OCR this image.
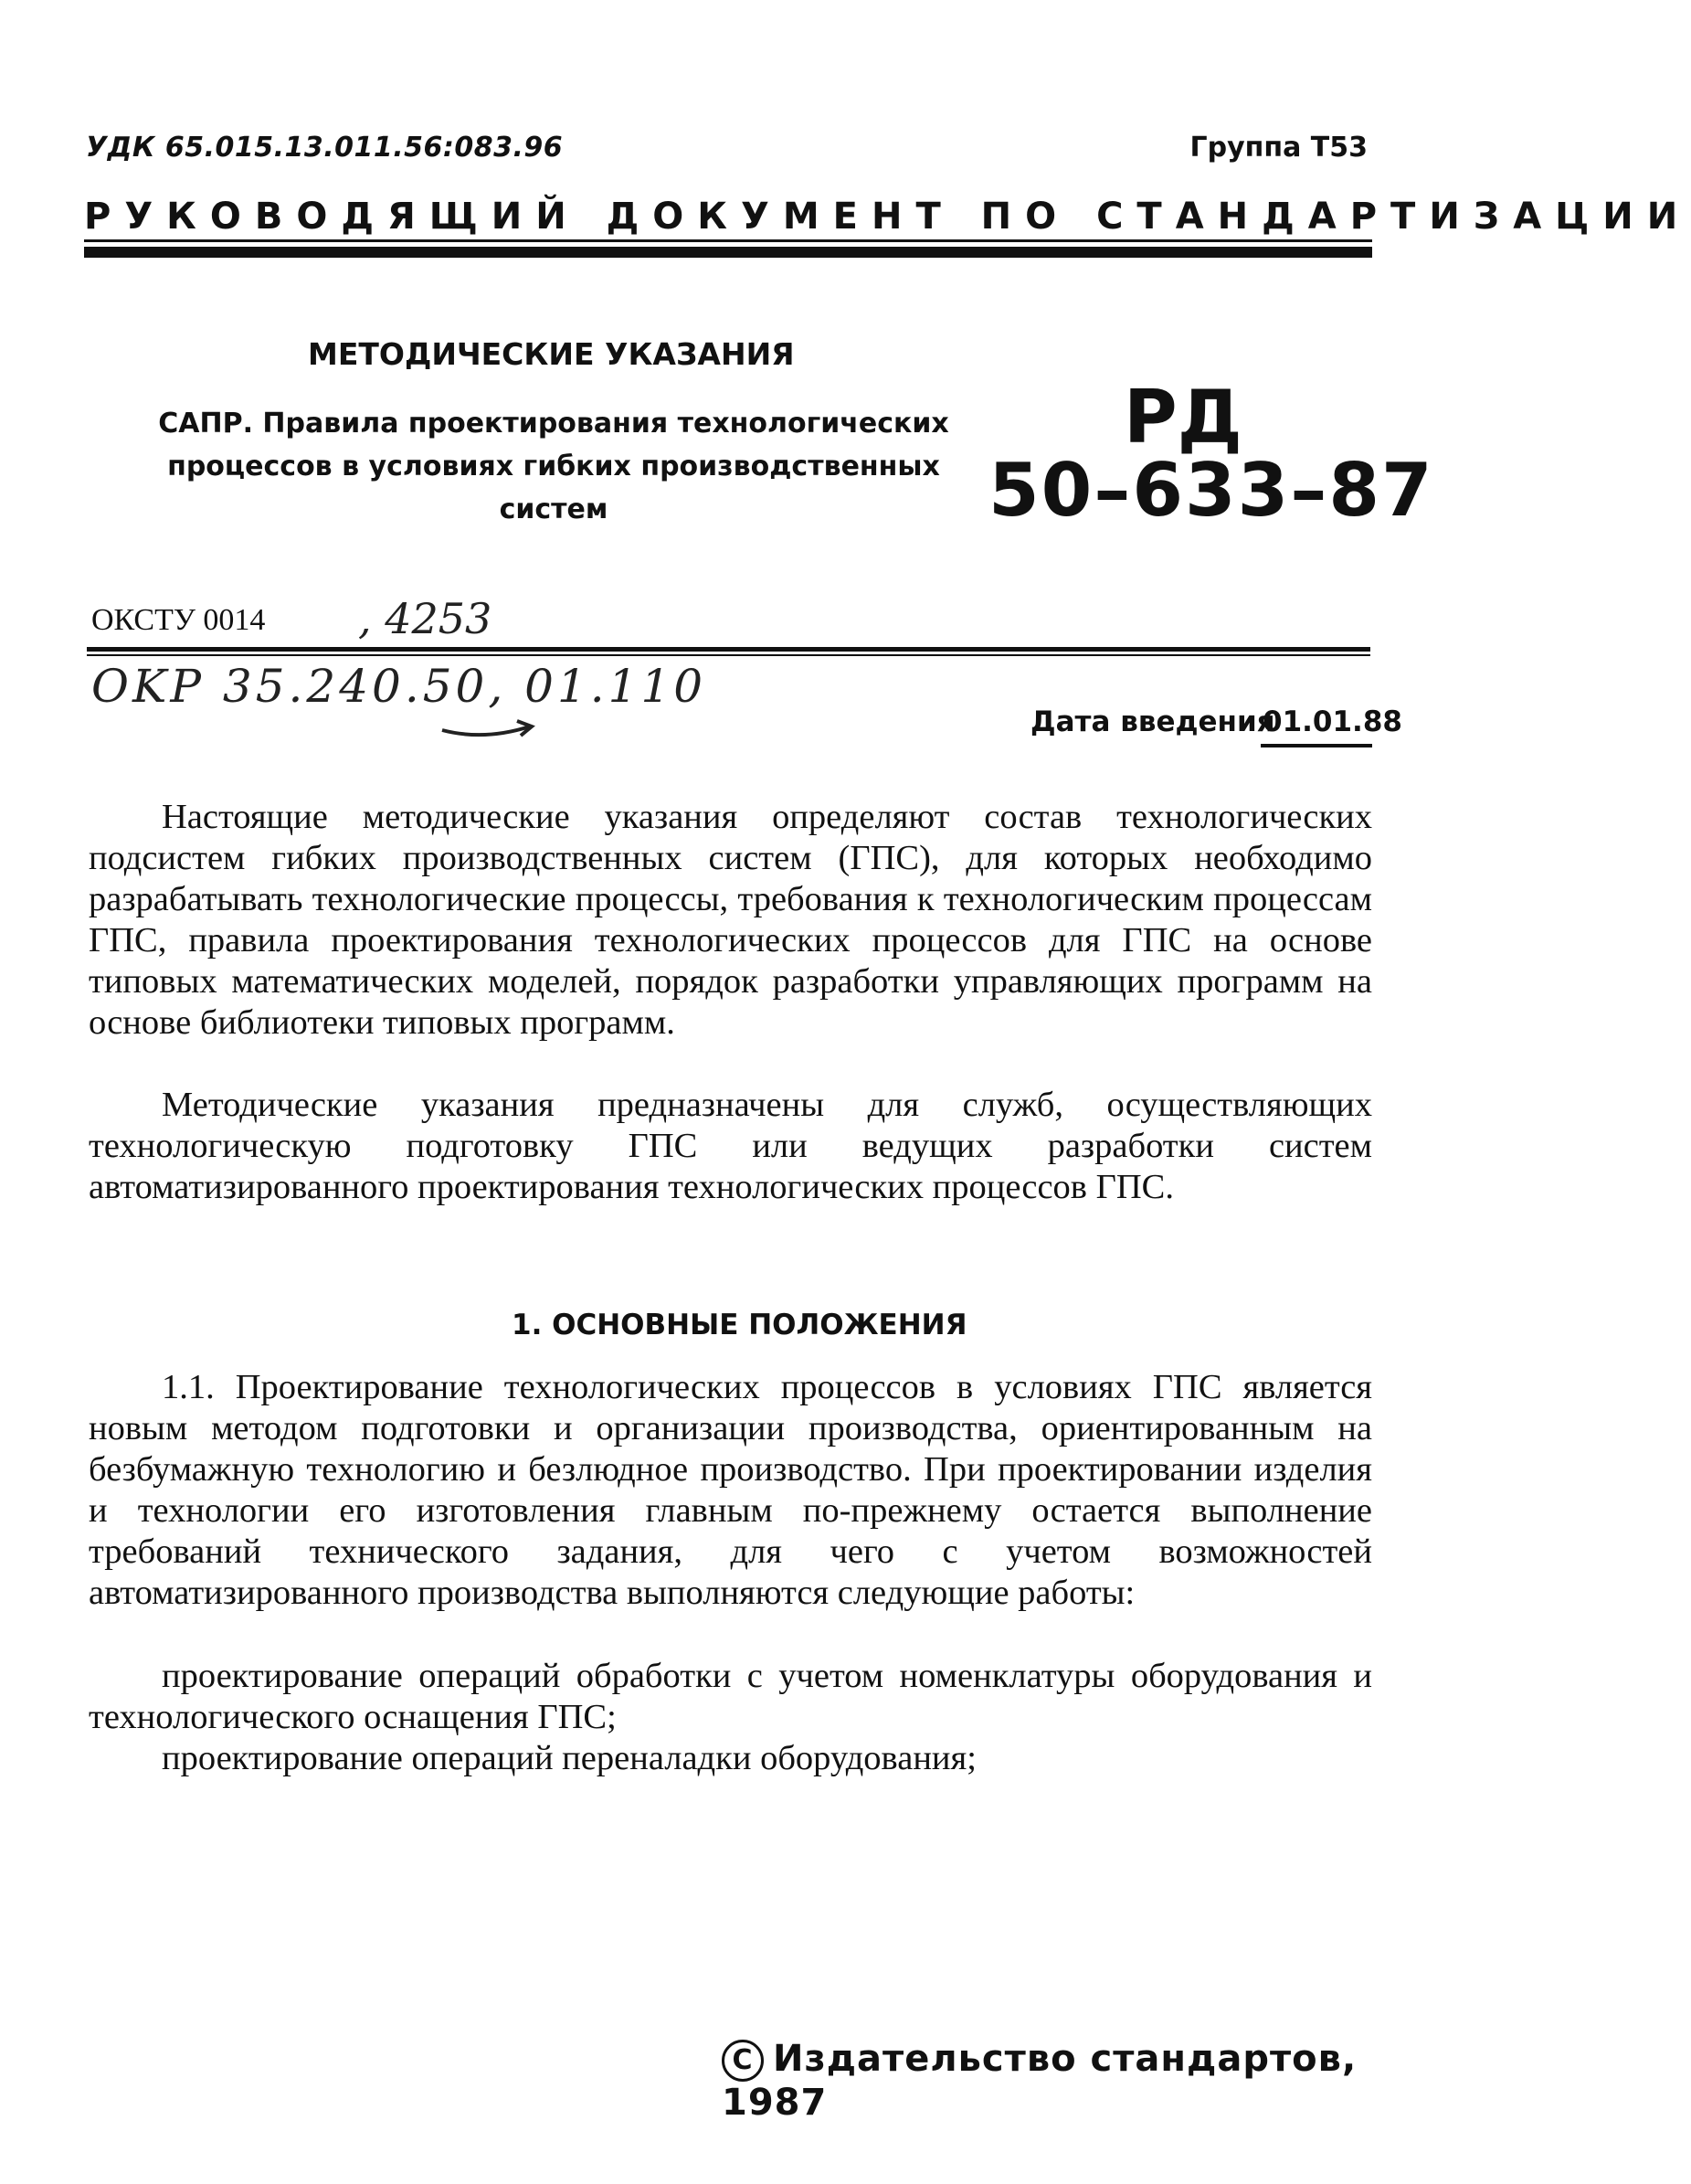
УДК 65.015.13.011.56:083.96	Группа Т53
РУКОВОДЯЩИЙ ДОКУМЕНТ ПО СТАНДАРТИЗАЦИИ
МЕТОДИЧЕСКИЕ УКАЗАНИЯ
САПР. Правила проектирования технологических процессов в условиях гибких производственных систем
РД
50–633–87
ОКСТУ 0014 , 4253
OKP 35.240.50, 01.110
Дата введения
01.01.88
Настоящие методические указания определяют состав технологических подсистем гибких производственных систем (ГПС), для которых необходимо разрабатывать технологические процессы, требования к технологическим процессам ГПС, правила проектирования технологических процессов для ГПС на основе типовых математических моделей, порядок разработки управляющих программ на основе библиотеки типовых программ.
Методические указания предназначены для служб, осуществляющих технологическую подготовку ГПС или ведущих разработки систем автоматизированного проектирования технологических процессов ГПС.
1. ОСНОВНЫЕ ПОЛОЖЕНИЯ
1.1. Проектирование технологических процессов в условиях ГПС является новым методом подготовки и организации производства, ориентированным на безбумажную технологию и безлюдное производство. При проектировании изделия и технологии его изготовления главным по-прежнему остается выполнение требований технического задания, для чего с учетом возможностей автоматизированного производства выполняются следующие работы:
проектирование операций обработки с учетом номенклатуры оборудования и технологического оснащения ГПС;
проектирование операций переналадки оборудования;
C Издательство стандартов, 1987
